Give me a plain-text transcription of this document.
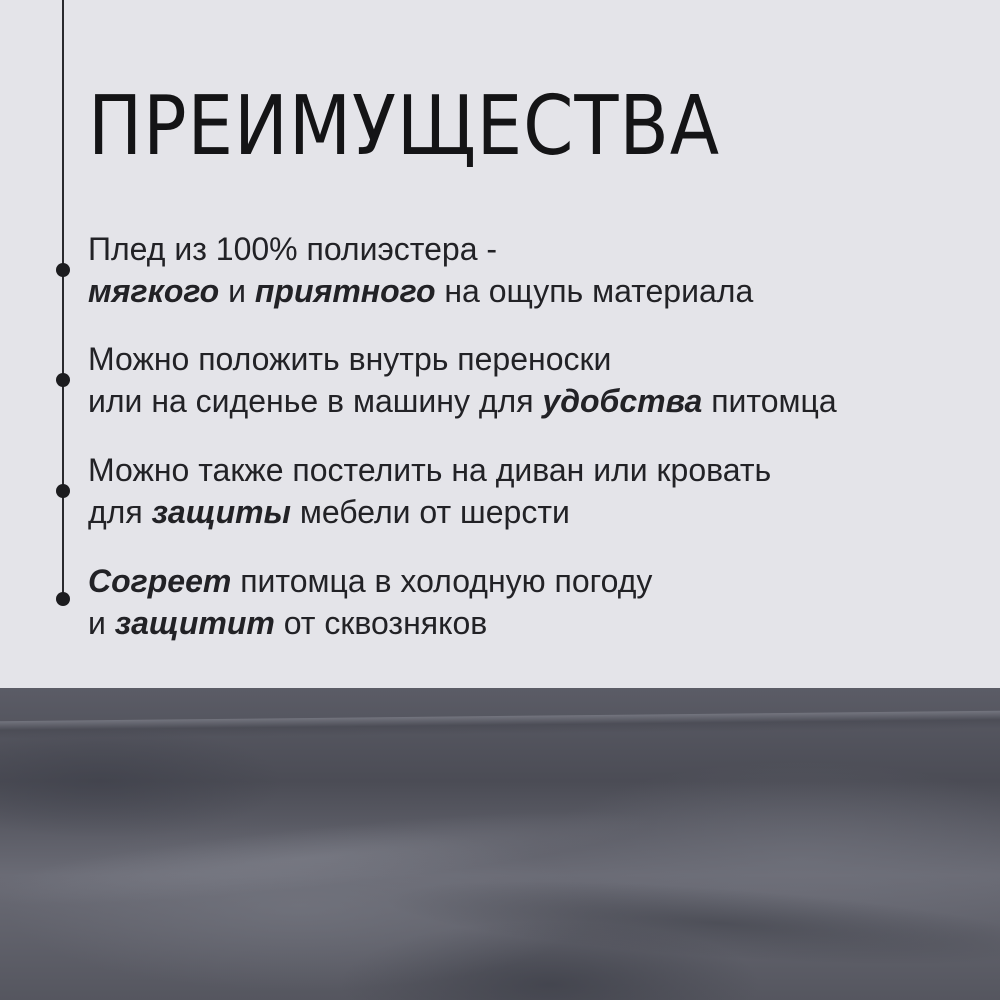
ПРЕИМУЩЕСТВА
Плед из 100% полиэстера -
мягкого и приятного на ощупь материала
Можно положить внутрь переноски
или на сиденье в машину для удобства питомца
Можно также постелить на диван или кровать
для защиты мебели от шерсти
Согреет питомца в холодную погоду
и защитит от сквозняков
